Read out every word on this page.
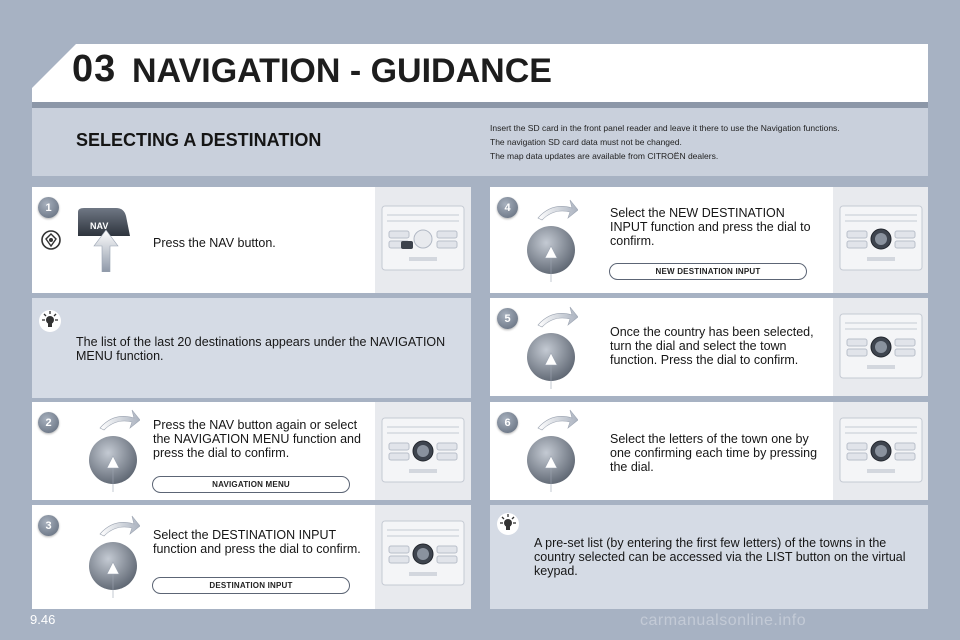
03 NAVIGATION - GUIDANCE
SELECTING A DESTINATION
Insert the SD card in the front panel reader and leave it there to use the Navigation functions.
The navigation SD card data must not be changed.
The map data updates are available from CITROËN dealers.
1
NAV
Press the NAV button.
The list of the last 20 destinations appears under the NAVIGATION MENU function.
2	Press the NAV button again or select the NAVIGATION MENU function and press the dial to confirm.
NAVIGATION MENU
3
Select the DESTINATION INPUT function and press the dial to confirm.
DESTINATION INPUT
4	Select the NEW DESTINATION INPUT function and press the dial to confirm.
NEW DESTINATION INPUT
5
Once the country has been selected, turn the dial and select the town function. Press the dial to confirm.
6
Select the letters of the town one by one confirming each time by pressing the dial.
A pre-set list (by entering the first few letters) of the towns in the country selected can be accessed via the LIST button on the virtual keypad.
9.46	carmanualsonline.info
